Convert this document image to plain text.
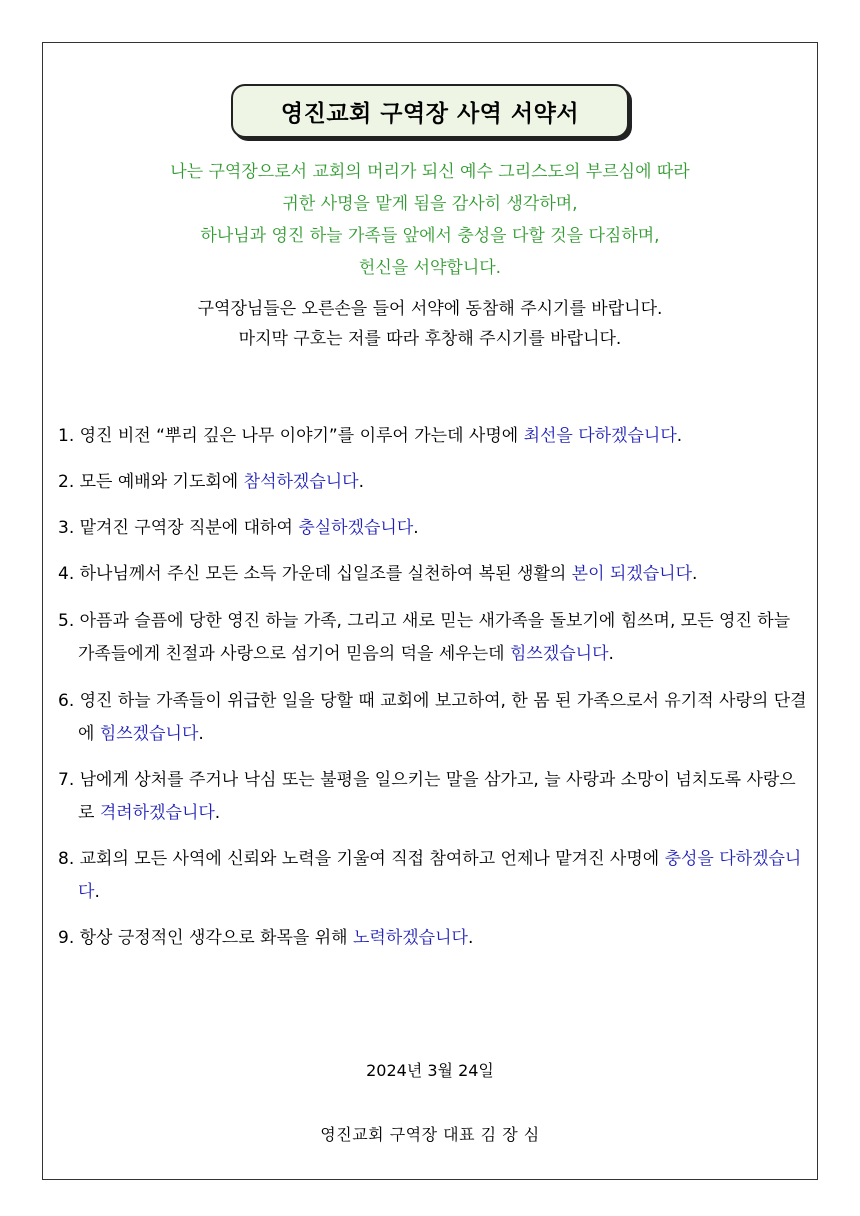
영진교회 구역장 사역 서약서
나는 구역장으로서 교회의 머리가 되신 예수 그리스도의 부르심에 따라
귀한 사명을 맡게 됨을 감사히 생각하며,
하나님과 영진 하늘 가족들 앞에서 충성을 다할 것을 다짐하며,
헌신을 서약합니다.
구역장님들은 오른손을 들어 서약에 동참해 주시기를 바랍니다.
마지막 구호는 저를 따라 후창해 주시기를 바랍니다.
1. 영진 비전 “뿌리 깊은 나무 이야기”를 이루어 가는데 사명에 최선을 다하겠습니다.
2. 모든 예배와 기도회에 참석하겠습니다.
3. 맡겨진 구역장 직분에 대하여 충실하겠습니다.
4. 하나님께서 주신 모든 소득 가운데 십일조를 실천하여 복된 생활의 본이 되겠습니다.
5. 아픔과 슬픔에 당한 영진 하늘 가족, 그리고 새로 믿는 새가족을 돌보기에 힘쓰며, 모든 영진 하늘 가족들에게 친절과 사랑으로 섬기어 믿음의 덕을 세우는데 힘쓰겠습니다.
6. 영진 하늘 가족들이 위급한 일을 당할 때 교회에 보고하여, 한 몸 된 가족으로서 유기적 사랑의 단결에 힘쓰겠습니다.
7. 남에게 상처를 주거나 낙심 또는 불평을 일으키는 말을 삼가고, 늘 사랑과 소망이 넘치도록 사랑으로 격려하겠습니다.
8. 교회의 모든 사역에 신뢰와 노력을 기울여 직접 참여하고 언제나 맡겨진 사명에 충성을 다하겠습니다.
9. 항상 긍정적인 생각으로 화목을 위해 노력하겠습니다.
2024년 3월 24일
영진교회 구역장 대표 김 장 심
